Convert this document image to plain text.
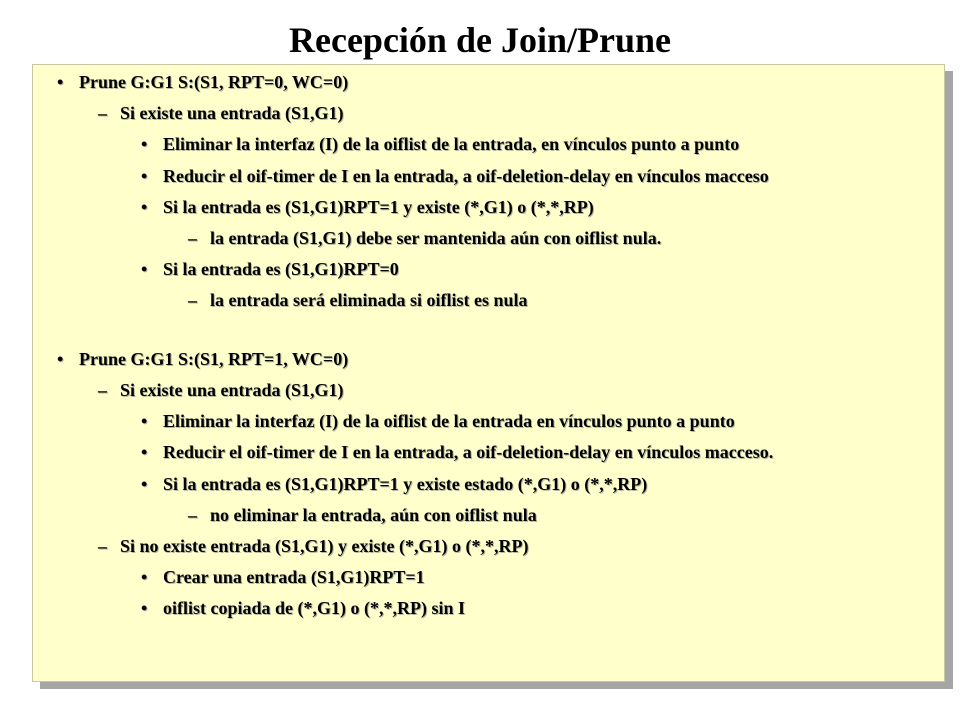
Recepción de Join/Prune
• Prune G:G1 S:(S1, RPT=0, WC=0)
– Si existe una entrada (S1,G1)
• Eliminar la interfaz (I) de la oiflist de la entrada, en vínculos punto a punto
• Reducir el oif-timer de I en la entrada, a oif-deletion-delay en vínculos macceso
• Si la entrada es (S1,G1)RPT=1 y existe (*,G1) o (*,*,RP)
– la entrada (S1,G1) debe ser mantenida aún con oiflist nula.
• Si la entrada es (S1,G1)RPT=0
– la entrada será eliminada si oiflist es nula
• Prune G:G1 S:(S1, RPT=1, WC=0)
– Si existe una entrada (S1,G1)
• Eliminar la interfaz (I) de la oiflist de la entrada en vínculos punto a punto
• Reducir el oif-timer de I en la entrada, a oif-deletion-delay en vínculos macceso.
• Si la entrada es (S1,G1)RPT=1 y existe estado (*,G1) o (*,*,RP)
– no eliminar la entrada, aún con oiflist nula
– Si no existe entrada (S1,G1) y existe (*,G1) o (*,*,RP)
• Crear una entrada (S1,G1)RPT=1
• oiflist copiada de (*,G1) o (*,*,RP) sin I
